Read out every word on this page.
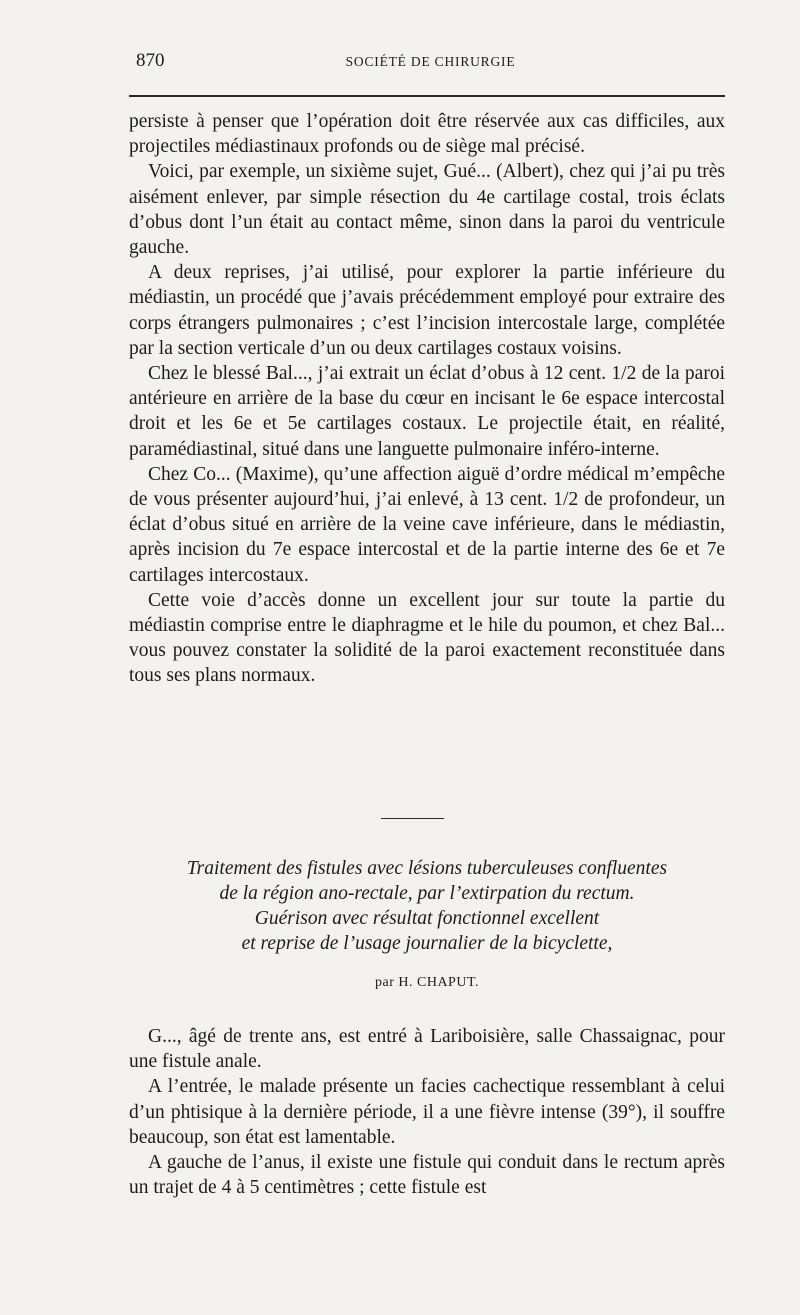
870	SOCIÉTÉ DE CHIRURGIE

persiste à penser que l’opération doit être réservée aux cas difficiles, aux projectiles médiastinaux profonds ou de siège mal précisé.

Voici, par exemple, un sixième sujet, Gué... (Albert), chez qui j’ai pu très aisément enlever, par simple résection du 4e cartilage costal, trois éclats d’obus dont l’un était au contact même, sinon dans la paroi du ventricule gauche.

A deux reprises, j’ai utilisé, pour explorer la partie inférieure du médiastin, un procédé que j’avais précédemment employé pour extraire des corps étrangers pulmonaires ; c’est l’incision intercostale large, complétée par la section verticale d’un ou deux cartilages costaux voisins.

Chez le blessé Bal..., j’ai extrait un éclat d’obus à 12 cent. 1/2 de la paroi antérieure en arrière de la base du cœur en incisant le 6e espace intercostal droit et les 6e et 5e cartilages costaux. Le projectile était, en réalité, paramédiastinal, situé dans une languette pulmonaire inféro-interne.

Chez Co... (Maxime), qu’une affection aiguë d’ordre médical m’empêche de vous présenter aujourd’hui, j’ai enlevé, à 13 cent. 1/2 de profondeur, un éclat d’obus situé en arrière de la veine cave inférieure, dans le médiastin, après incision du 7e espace intercostal et de la partie interne des 6e et 7e cartilages intercostaux.

Cette voie d’accès donne un excellent jour sur toute la partie du médiastin comprise entre le diaphragme et le hile du poumon, et chez Bal... vous pouvez constater la solidité de la paroi exactement reconstituée dans tous ses plans normaux.

Traitement des fistules avec lésions tuberculeuses confluentes
de la région ano-rectale, par l’extirpation du rectum.
Guérison avec résultat fonctionnel excellent
et reprise de l’usage journalier de la bicyclette,
par H. CHAPUT.

G..., âgé de trente ans, est entré à Lariboisière, salle Chassaignac, pour une fistule anale.

A l’entrée, le malade présente un facies cachectique ressemblant à celui d’un phtisique à la dernière période, il a une fièvre intense (39°), il souffre beaucoup, son état est lamentable.

A gauche de l’anus, il existe une fistule qui conduit dans le rectum après un trajet de 4 à 5 centimètres ; cette fistule est
